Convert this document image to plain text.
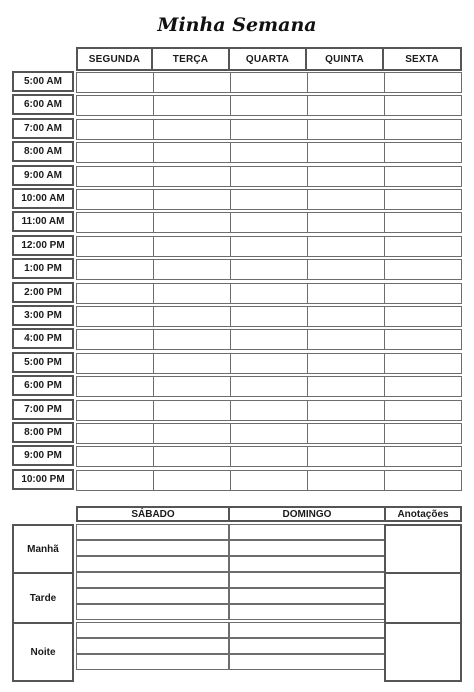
Minha Semana
SEGUNDA	TERÇA	QUARTA	QUINTA	SEXTA
5:00 AM
6:00 AM
7:00 AM
8:00 AM
9:00 AM
10:00 AM
11:00 AM
12:00 PM
1:00 PM
2:00 PM
3:00 PM
4:00 PM
5:00 PM
6:00 PM
7:00 PM
8:00 PM
9:00 PM
10:00 PM
SÁBADO	DOMINGO	Anotações
Manhã
Tarde
Noite
